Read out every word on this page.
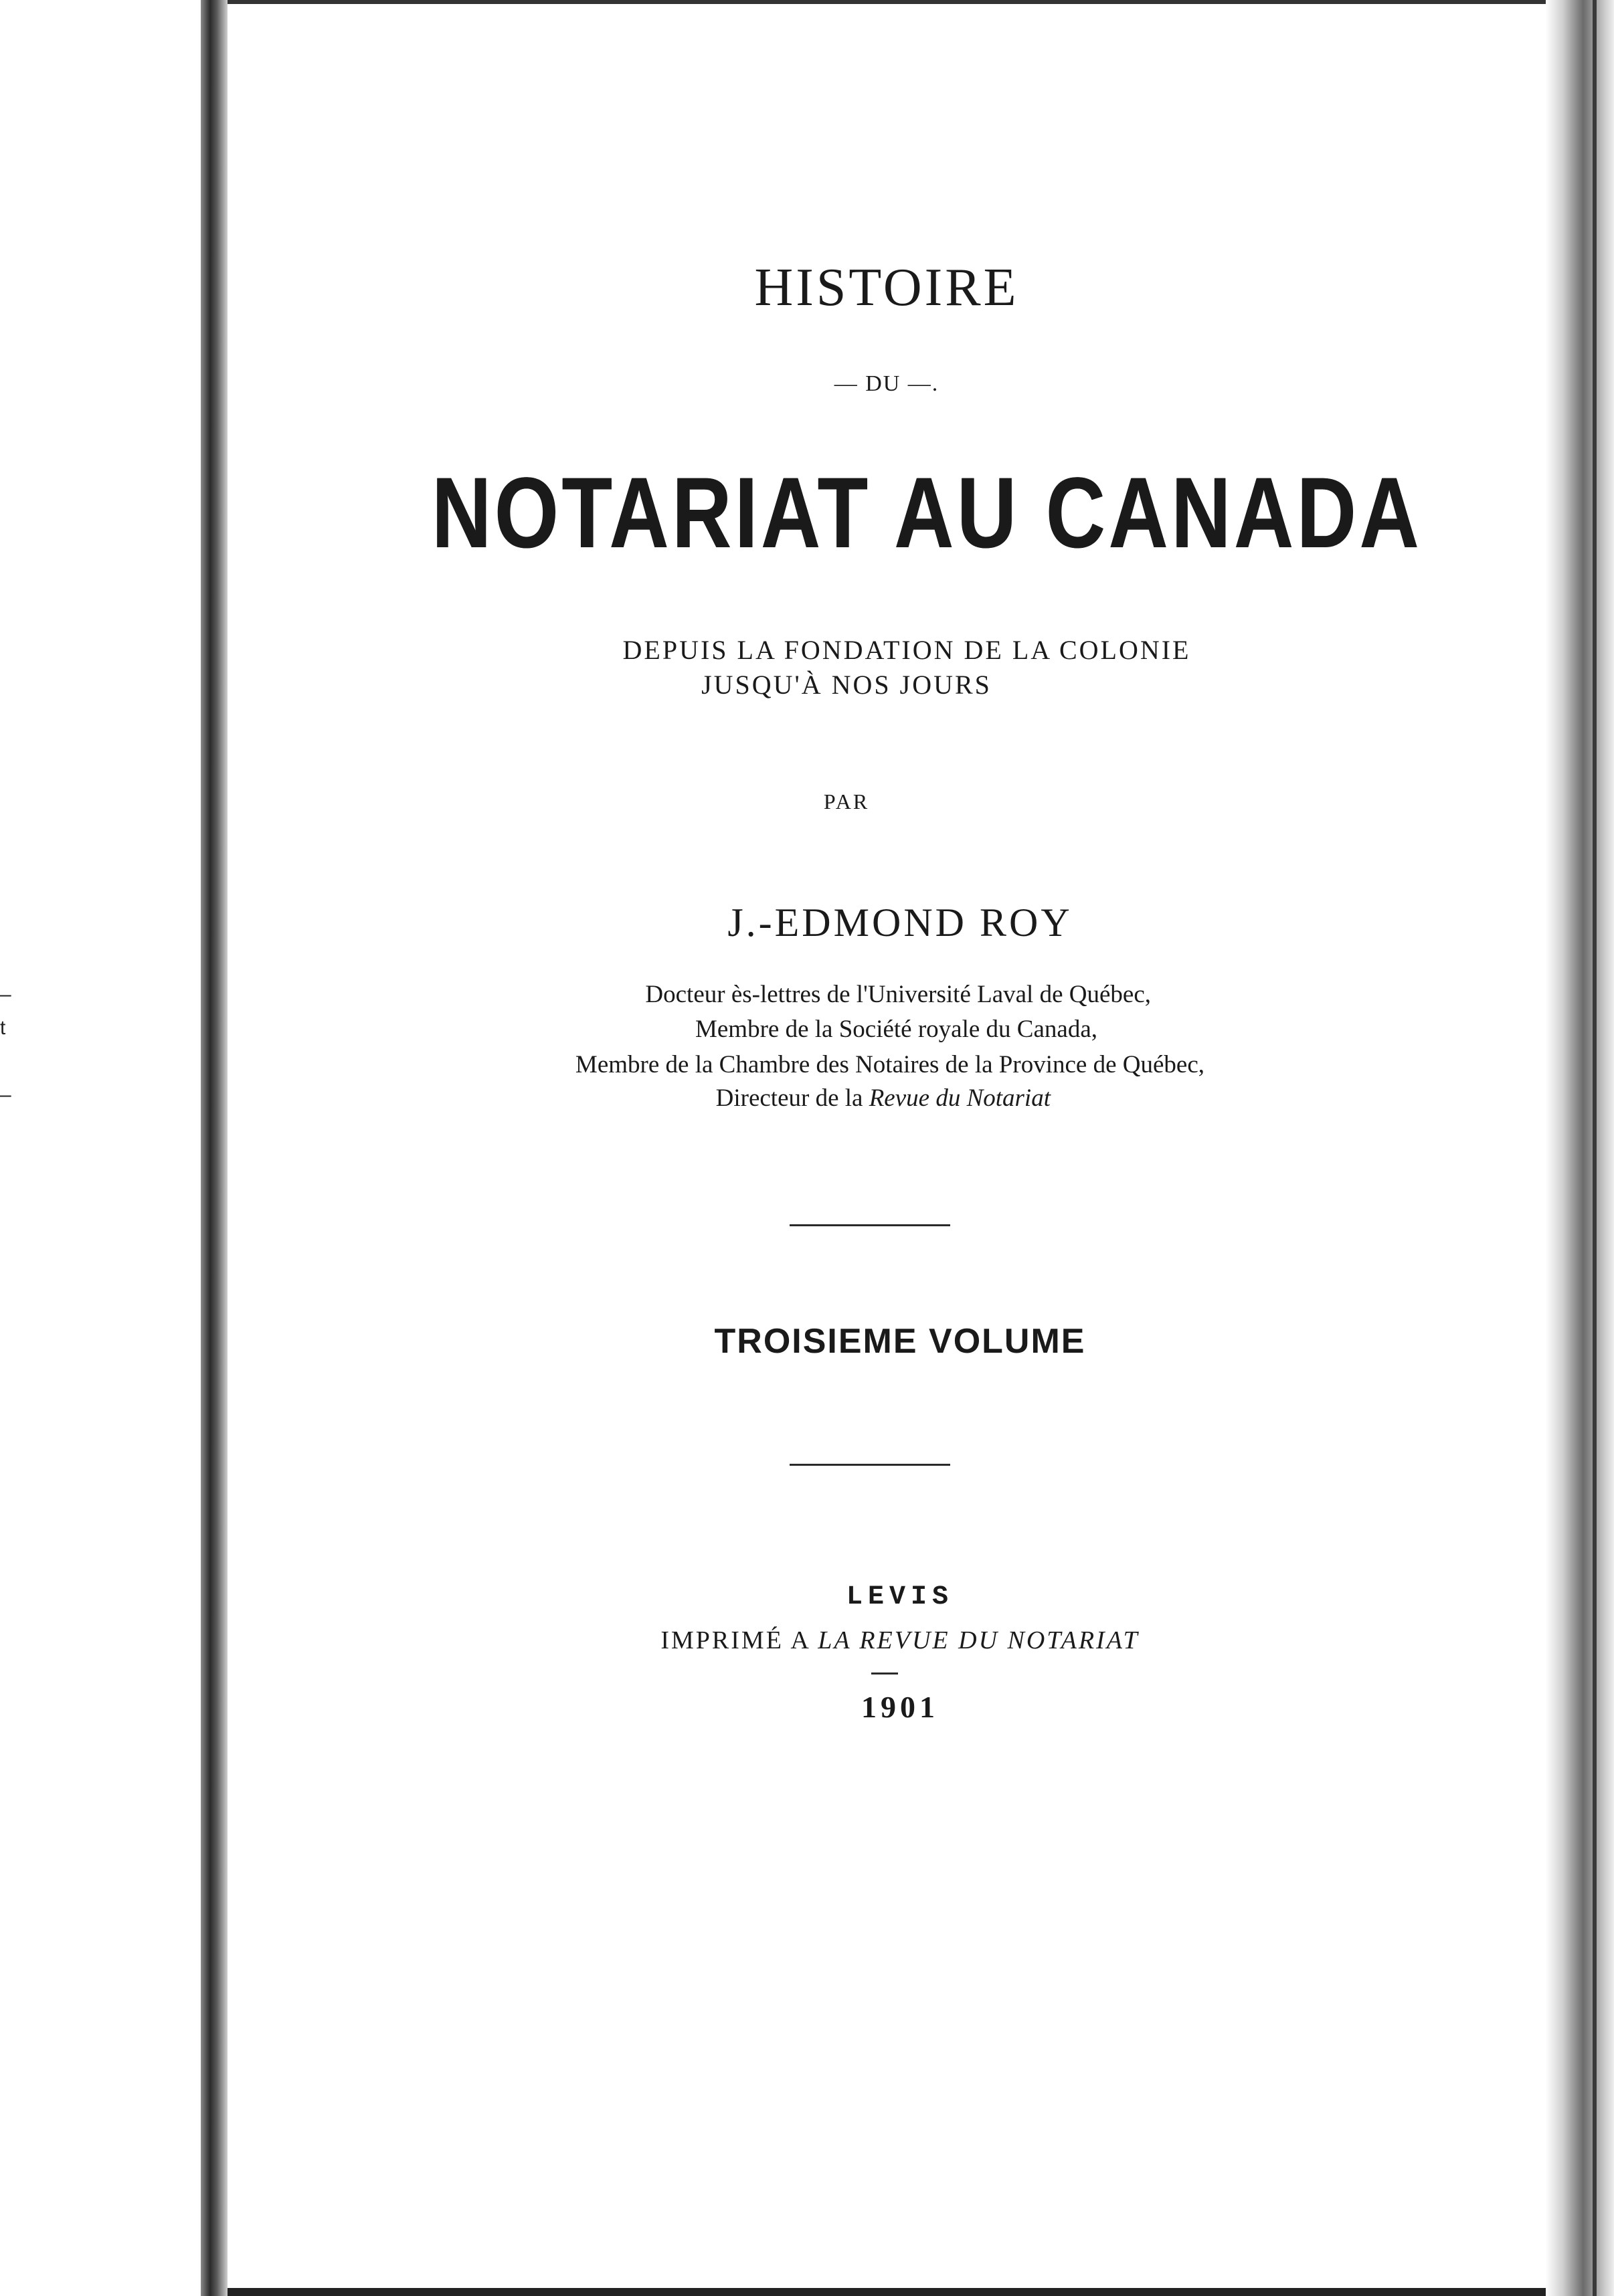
–
t
–
HISTOIRE
— DU —.
NOTARIAT AU CANADA
DEPUIS LA FONDATION DE LA COLONIE
JUSQU'À NOS JOURS
PAR
J.-EDMOND ROY
Docteur ès-lettres de l'Université Laval de Québec,
Membre de la Société royale du Canada,
Membre de la Chambre des Notaires de la Province de Québec,
Directeur de la Revue du Notariat
TROISIEME VOLUME
LEVIS
IMPRIMÉ A LA REVUE DU NOTARIAT
1901
